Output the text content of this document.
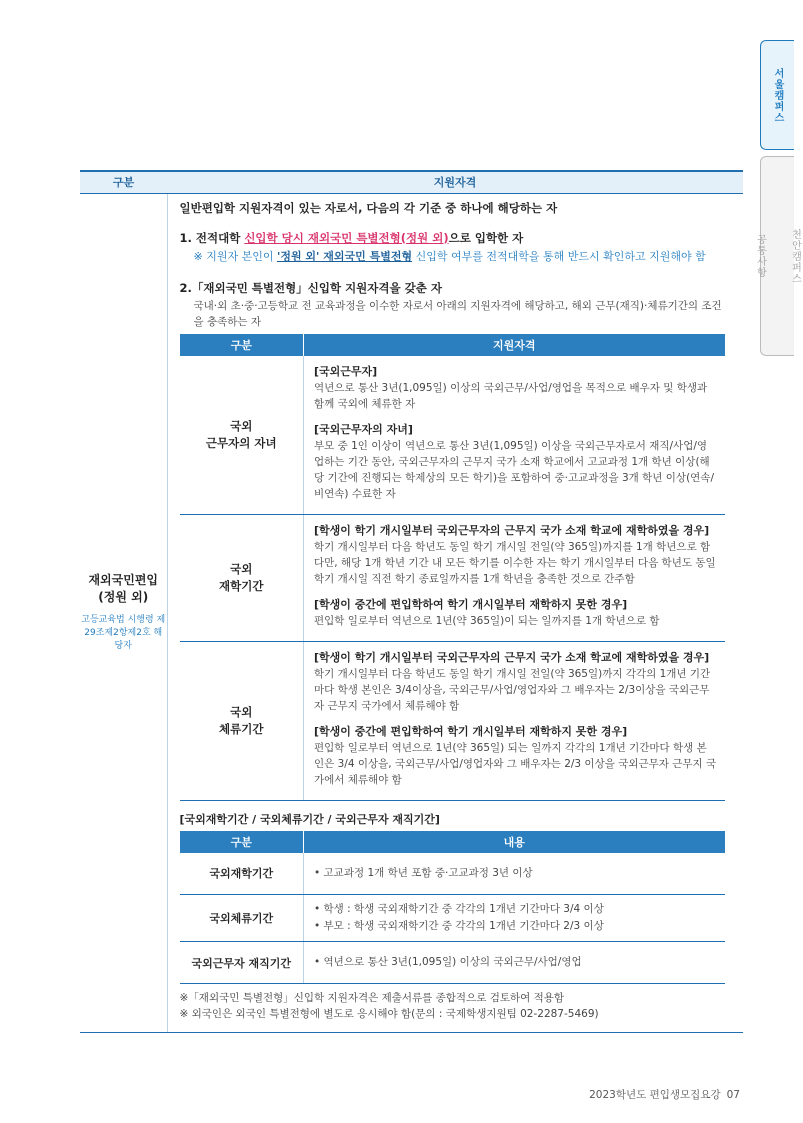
서울캠퍼스
천안캠퍼스
공통사항
구분	지원자격

재외국민편입
(정원 외)
고등교육법 시행령 제29조제2항제2호 해당자

일반편입학 지원자격이 있는 자로서, 다음의 각 기준 중 하나에 해당하는 자
1. 전적대학 신입학 당시 재외국민 특별전형(정원 외)으로 입학한 자
※ 지원자 본인이 '정원 외' 재외국민 특별전형 신입학 여부를 전적대학을 통해 반드시 확인하고 지원해야 함
2.「재외국민 특별전형」신입학 지원자격을 갖춘 자
국내·외 초·중·고등학교 전 교육과정을 이수한 자로서 아래의 지원자격에 해당하고, 해외 근무(재직)·체류기간의 조건을 충족하는 자
구분	지원자격

국외
근무자의 자녀

[국외근무자]
역년으로 통산 3년(1,095일) 이상의 국외근무/사업/영업을 목적으로 배우자 및 학생과 함께 국외에 체류한 자
[국외근무자의 자녀]
부모 중 1인 이상이 역년으로 통산 3년(1,095일) 이상을 국외근무자로서 재직/사업/영업하는 기간 동안, 국외근무자의 근무지 국가 소재 학교에서 고교과정 1개 학년 이상(해당 기간에 진행되는 학제상의 모든 학기)을 포함하여 중·고교과정을 3개 학년 이상(연속/비연속) 수료한 자

국외
재학기간

[학생이 학기 개시일부터 국외근무자의 근무지 국가 소재 학교에 재학하였을 경우]
학기 개시일부터 다음 학년도 동일 학기 개시일 전일(약 365일)까지를 1개 학년으로 함 다만, 해당 1개 학년 기간 내 모든 학기를 이수한 자는 학기 개시일부터 다음 학년도 동일 학기 개시일 직전 학기 종료일까지를 1개 학년을 충족한 것으로 간주함
[학생이 중간에 편입학하여 학기 개시일부터 재학하지 못한 경우]
편입학 일로부터 역년으로 1년(약 365일)이 되는 일까지를 1개 학년으로 함

국외
체류기간

[학생이 학기 개시일부터 국외근무자의 근무지 국가 소재 학교에 재학하였을 경우]
학기 개시일부터 다음 학년도 동일 학기 개시일 전일(약 365일)까지 각각의 1개년 기간마다 학생 본인은 3/4이상을, 국외근무/사업/영업자와 그 배우자는 2/3이상을 국외근무자 근무지 국가에서 체류해야 함
[학생이 중간에 편입학하여 학기 개시일부터 재학하지 못한 경우]
편입학 일로부터 역년으로 1년(약 365일) 되는 일까지 각각의 1개년 기간마다 학생 본인은 3/4 이상을, 국외근무/사업/영업자와 그 배우자는 2/3 이상을 국외근무자 근무지 국가에서 체류해야 함
[국외재학기간 / 국외체류기간 / 국외근무자 재직기간]
구분	내용
국외재학기간	• 고교과정 1개 학년 포함 중·고교과정 3년 이상

국외체류기간	
• 학생 : 학생 국외재학기간 중 각각의 1개년 기간마다 3/4 이상
• 부모 : 학생 국외재학기간 중 각각의 1개년 기간마다 2/3 이상

국외근무자 재직기간	• 역년으로 통산 3년(1,095일) 이상의 국외근무/사업/영업
※「재외국민 특별전형」신입학 지원자격은 제출서류를 종합적으로 검토하여 적용함
※ 외국인은 외국인 특별전형에 별도로 응시해야 함(문의 : 국제학생지원팀 02-2287-5469)
2023학년도 편입생모집요강 07
